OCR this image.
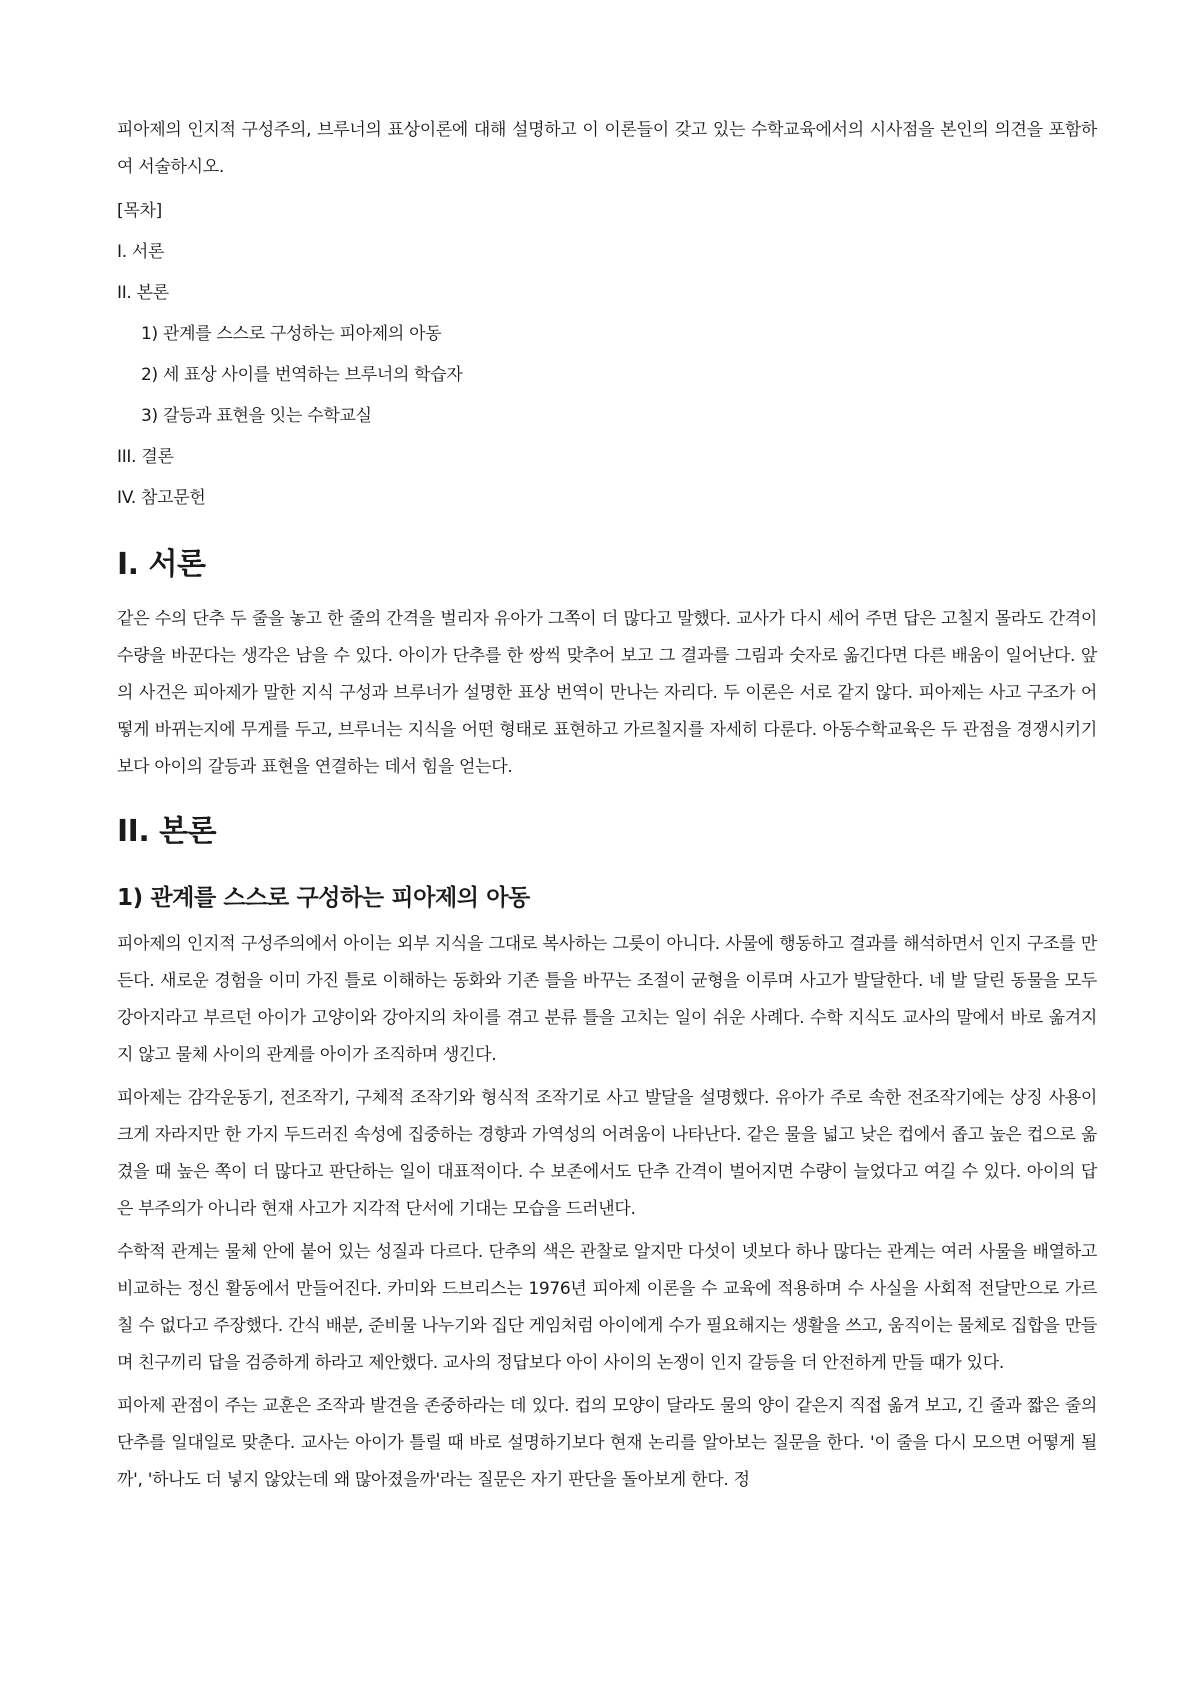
피아제의 인지적 구성주의, 브루너의 표상이론에 대해 설명하고 이 이론들이 갖고 있는 수학교육에서의 시사점을 본인의 의견을 포함하여 서술하시오.

[목차]
I. 서론
II. 본론
1) 관계를 스스로 구성하는 피아제의 아동
2) 세 표상 사이를 번역하는 브루너의 학습자
3) 갈등과 표현을 잇는 수학교실
III. 결론
IV. 참고문헌
I. 서론

같은 수의 단추 두 줄을 놓고 한 줄의 간격을 벌리자 유아가 그쪽이 더 많다고 말했다. 교사가 다시 세어 주면 답은 고칠지 몰라도 간격이 수량을 바꾼다는 생각은 남을 수 있다. 아이가 단추를 한 쌍씩 맞추어 보고 그 결과를 그림과 숫자로 옮긴다면 다른 배움이 일어난다. 앞의 사건은 피아제가 말한 지식 구성과 브루너가 설명한 표상 번역이 만나는 자리다. 두 이론은 서로 같지 않다. 피아제는 사고 구조가 어떻게 바뀌는지에 무게를 두고, 브루너는 지식을 어떤 형태로 표현하고 가르칠지를 자세히 다룬다. 아동수학교육은 두 관점을 경쟁시키기보다 아이의 갈등과 표현을 연결하는 데서 힘을 얻는다.

II. 본론
1) 관계를 스스로 구성하는 피아제의 아동

피아제의 인지적 구성주의에서 아이는 외부 지식을 그대로 복사하는 그릇이 아니다. 사물에 행동하고 결과를 해석하면서 인지 구조를 만든다. 새로운 경험을 이미 가진 틀로 이해하는 동화와 기존 틀을 바꾸는 조절이 균형을 이루며 사고가 발달한다. 네 발 달린 동물을 모두 강아지라고 부르던 아이가 고양이와 강아지의 차이를 겪고 분류 틀을 고치는 일이 쉬운 사례다. 수학 지식도 교사의 말에서 바로 옮겨지지 않고 물체 사이의 관계를 아이가 조직하며 생긴다.

피아제는 감각운동기, 전조작기, 구체적 조작기와 형식적 조작기로 사고 발달을 설명했다. 유아가 주로 속한 전조작기에는 상징 사용이 크게 자라지만 한 가지 두드러진 속성에 집중하는 경향과 가역성의 어려움이 나타난다. 같은 물을 넓고 낮은 컵에서 좁고 높은 컵으로 옮겼을 때 높은 쪽이 더 많다고 판단하는 일이 대표적이다. 수 보존에서도 단추 간격이 벌어지면 수량이 늘었다고 여길 수 있다. 아이의 답은 부주의가 아니라 현재 사고가 지각적 단서에 기대는 모습을 드러낸다.

수학적 관계는 물체 안에 붙어 있는 성질과 다르다. 단추의 색은 관찰로 알지만 다섯이 넷보다 하나 많다는 관계는 여러 사물을 배열하고 비교하는 정신 활동에서 만들어진다. 카미와 드브리스는 1976년 피아제 이론을 수 교육에 적용하며 수 사실을 사회적 전달만으로 가르칠 수 없다고 주장했다. 간식 배분, 준비물 나누기와 집단 게임처럼 아이에게 수가 필요해지는 생활을 쓰고, 움직이는 물체로 집합을 만들며 친구끼리 답을 검증하게 하라고 제안했다. 교사의 정답보다 아이 사이의 논쟁이 인지 갈등을 더 안전하게 만들 때가 있다.

피아제 관점이 주는 교훈은 조작과 발견을 존중하라는 데 있다. 컵의 모양이 달라도 물의 양이 같은지 직접 옮겨 보고, 긴 줄과 짧은 줄의 단추를 일대일로 맞춘다. 교사는 아이가 틀릴 때 바로 설명하기보다 현재 논리를 알아보는 질문을 한다. '이 줄을 다시 모으면 어떻게 될까', '하나도 더 넣지 않았는데 왜 많아졌을까'라는 질문은 자기 판단을 돌아보게 한다. 정
